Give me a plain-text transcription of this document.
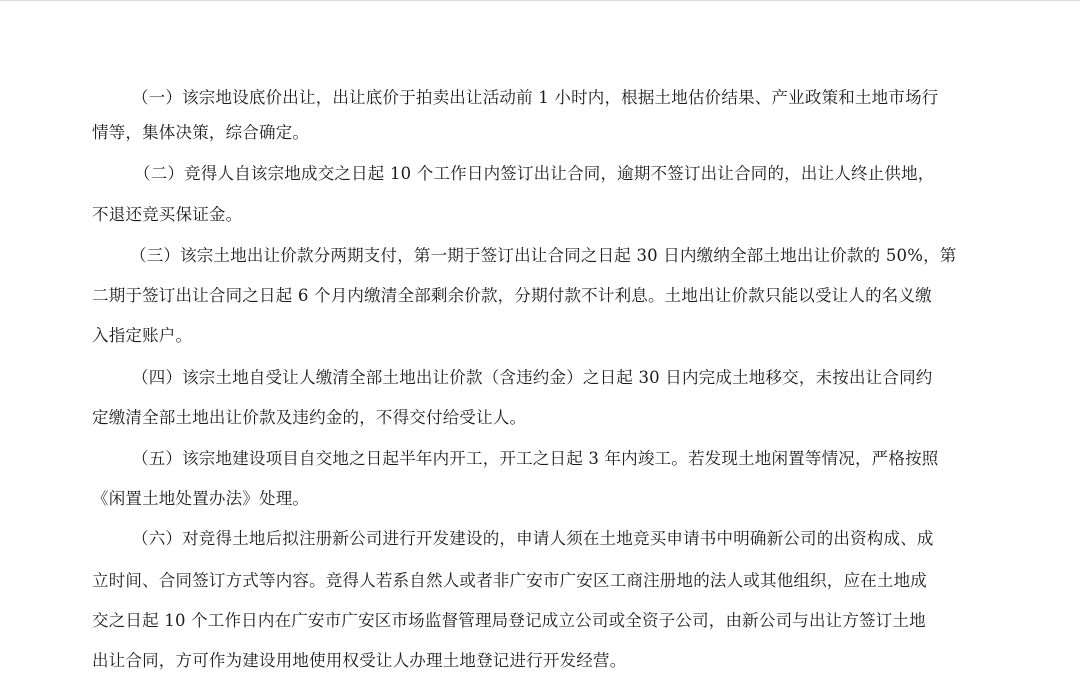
（一）该宗地设底价出让，出让底价于拍卖出让活动前 1 小时内，根据土地估价结果、产业政策和土地市场行
情等，集体决策，综合确定。
（二）竞得人自该宗地成交之日起 10 个工作日内签订出让合同，逾期不签订出让合同的，出让人终止供地，
不退还竞买保证金。
（三）该宗土地出让价款分两期支付，第一期于签订出让合同之日起 30 日内缴纳全部土地出让价款的 50%，第
二期于签订出让合同之日起 6 个月内缴清全部剩余价款，分期付款不计利息。土地出让价款只能以受让人的名义缴
入指定账户。
（四）该宗土地自受让人缴清全部土地出让价款（含违约金）之日起 30 日内完成土地移交，未按出让合同约
定缴清全部土地出让价款及违约金的，不得交付给受让人。
（五）该宗地建设项目自交地之日起半年内开工，开工之日起 3 年内竣工。若发现土地闲置等情况，严格按照
《闲置土地处置办法》处理。
（六）对竞得土地后拟注册新公司进行开发建设的，申请人须在土地竞买申请书中明确新公司的出资构成、成
立时间、合同签订方式等内容。竞得人若系自然人或者非广安市广安区工商注册地的法人或其他组织，应在土地成
交之日起 10 个工作日内在广安市广安区市场监督管理局登记成立公司或全资子公司，由新公司与出让方签订土地
出让合同，方可作为建设用地使用权受让人办理土地登记进行开发经营。
